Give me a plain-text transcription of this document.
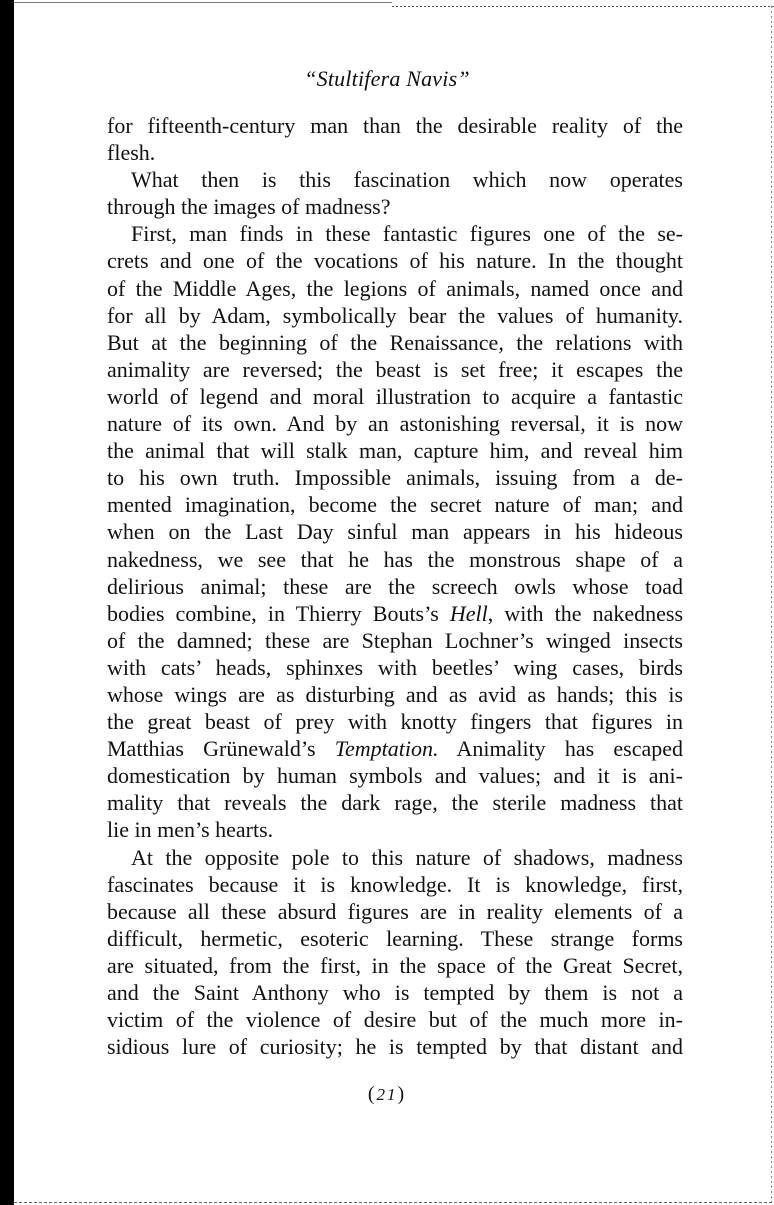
“Stultifera Navis”
for fifteenth-century man than the desirable reality of the
flesh.
What then is this fascination which now operates
through the images of madness?
First, man finds in these fantastic figures one of the se-
crets and one of the vocations of his nature. In the thought
of the Middle Ages, the legions of animals, named once and
for all by Adam, symbolically bear the values of humanity.
But at the beginning of the Renaissance, the relations with
animality are reversed; the beast is set free; it escapes the
world of legend and moral illustration to acquire a fantastic
nature of its own. And by an astonishing reversal, it is now
the animal that will stalk man, capture him, and reveal him
to his own truth. Impossible animals, issuing from a de-
mented imagination, become the secret nature of man; and
when on the Last Day sinful man appears in his hideous
nakedness, we see that he has the monstrous shape of a
delirious animal; these are the screech owls whose toad
bodies combine, in Thierry Bouts’s Hell, with the nakedness
of the damned; these are Stephan Lochner’s winged insects
with cats’ heads, sphinxes with beetles’ wing cases, birds
whose wings are as disturbing and as avid as hands; this is
the great beast of prey with knotty fingers that figures in
Matthias Grünewald’s Temptation. Animality has escaped
domestication by human symbols and values; and it is ani-
mality that reveals the dark rage, the sterile madness that
lie in men’s hearts.
At the opposite pole to this nature of shadows, madness
fascinates because it is knowledge. It is knowledge, first,
because all these absurd figures are in reality elements of a
difficult, hermetic, esoteric learning. These strange forms
are situated, from the first, in the space of the Great Secret,
and the Saint Anthony who is tempted by them is not a
victim of the violence of desire but of the much more in-
sidious lure of curiosity; he is tempted by that distant and
(21)
